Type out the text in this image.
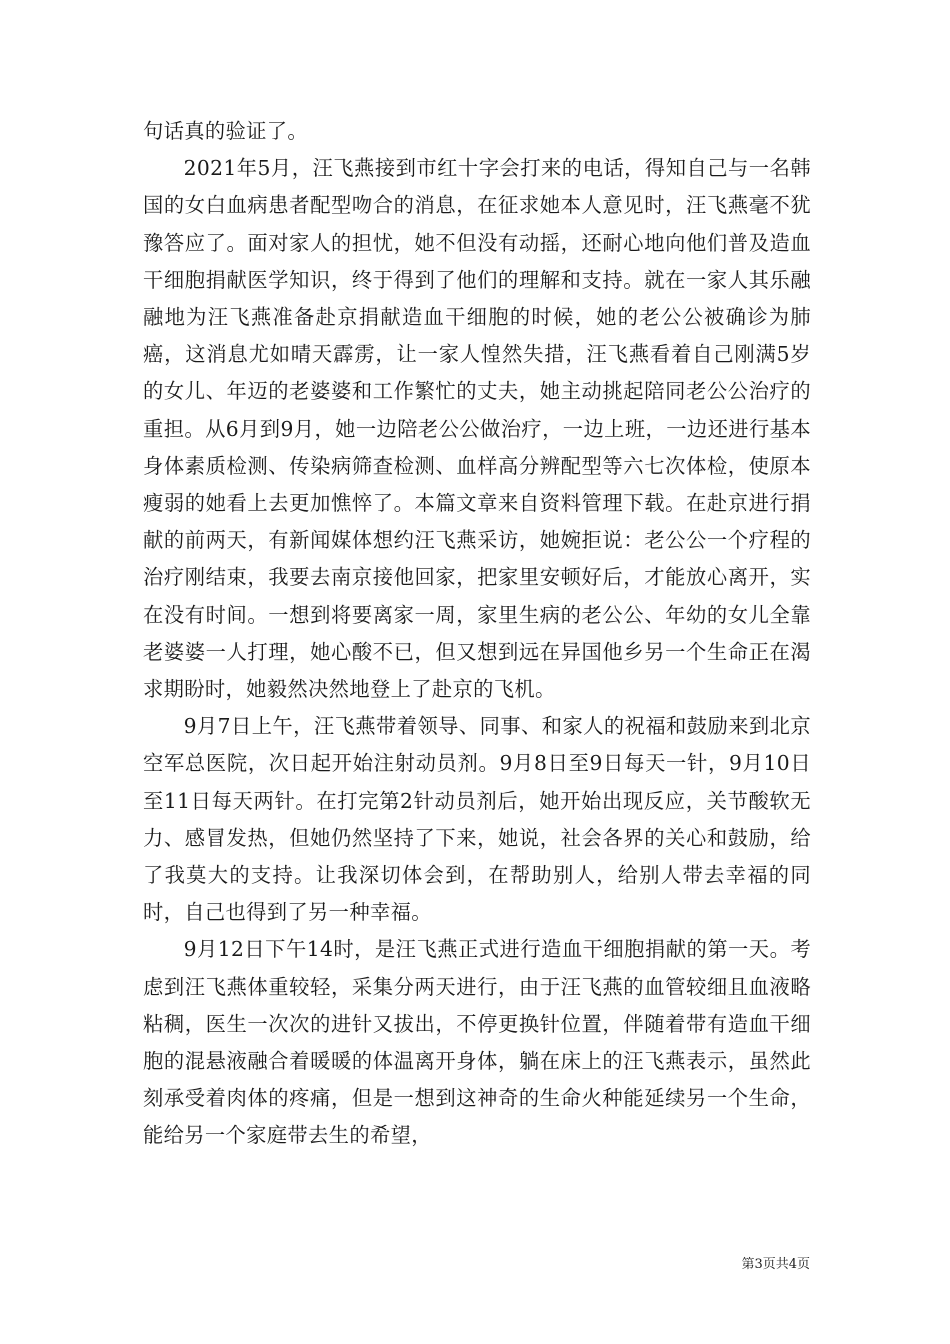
句话真的验证了。

2021年5月，汪飞燕接到市红十字会打来的电话，得知自己与一名韩国的女白血病患者配型吻合的消息，在征求她本人意见时，汪飞燕毫不犹豫答应了。面对家人的担忧，她不但没有动摇，还耐心地向他们普及造血干细胞捐献医学知识，终于得到了他们的理解和支持。就在一家人其乐融融地为汪飞燕准备赴京捐献造血干细胞的时候，她的老公公被确诊为肺癌，这消息尤如晴天霹雳，让一家人惶然失措，汪飞燕看着自己刚满5岁的女儿、年迈的老婆婆和工作繁忙的丈夫，她主动挑起陪同老公公治疗的重担。从6月到9月，她一边陪老公公做治疗，一边上班，一边还进行基本身体素质检测、传染病筛查检测、血样高分辨配型等六七次体检，使原本瘦弱的她看上去更加憔悴了。本篇文章来自资料管理下载。在赴京进行捐献的前两天，有新闻媒体想约汪飞燕采访，她婉拒说：老公公一个疗程的治疗刚结束，我要去南京接他回家，把家里安顿好后，才能放心离开，实在没有时间。一想到将要离家一周，家里生病的老公公、年幼的女儿全靠老婆婆一人打理，她心酸不已，但又想到远在异国他乡另一个生命正在渴求期盼时，她毅然决然地登上了赴京的飞机。

9月7日上午，汪飞燕带着领导、同事、和家人的祝福和鼓励来到北京空军总医院，次日起开始注射动员剂。9月8日至9日每天一针，9月10日至11日每天两针。在打完第2针动员剂后，她开始出现反应，关节酸软无力、感冒发热，但她仍然坚持了下来，她说，社会各界的关心和鼓励，给了我莫大的支持。让我深切体会到，在帮助别人，给别人带去幸福的同时，自己也得到了另一种幸福。

9月12日下午14时，是汪飞燕正式进行造血干细胞捐献的第一天。考虑到汪飞燕体重较轻，采集分两天进行，由于汪飞燕的血管较细且血液略粘稠，医生一次次的进针又拔出，不停更换针位置，伴随着带有造血干细胞的混悬液融合着暖暖的体温离开身体，躺在床上的汪飞燕表示，虽然此刻承受着肉体的疼痛，但是一想到这神奇的生命火种能延续另一个生命，能给另一个家庭带去生的希望，

第3页共4页
